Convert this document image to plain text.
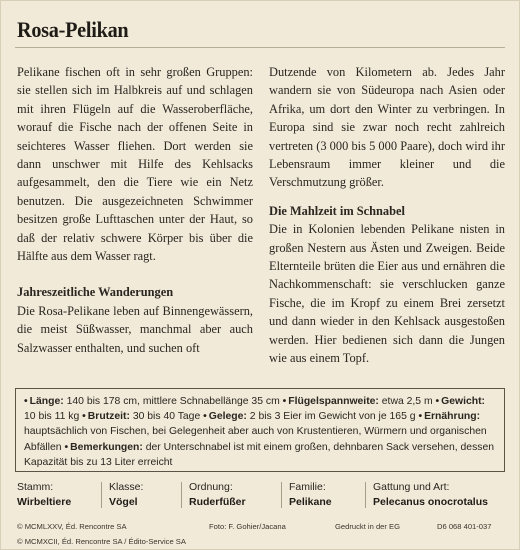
Rosa-Pelikan

Pelikane fischen oft in sehr großen Gruppen: sie stellen sich im Halbkreis auf und schlagen mit ihren Flügeln auf die Wasseroberfläche, worauf die Fische nach der offenen Seite in seichteres Wasser fliehen. Dort werden sie dann unschwer mit Hilfe des Kehlsacks aufgesammelt, den die Tiere wie ein Netz benutzen. Die ausgezeichneten Schwimmer besitzen große Lufttaschen unter der Haut, so daß der relativ schwere Körper bis über die Hälfte aus dem Wasser ragt.

Jahreszeitliche Wanderungen

Die Rosa-Pelikane leben auf Binnengewässern, die meist Süßwasser, manchmal aber auch Salzwasser enthalten, und suchen oft

Dutzende von Kilometern ab. Jedes Jahr wandern sie von Südeuropa nach Asien oder Afrika, um dort den Winter zu verbringen. In Europa sind sie zwar noch recht zahlreich vertreten (3 000 bis 5 000 Paare), doch wird ihr Lebensraum immer kleiner und die Verschmutzung größer.

Die Mahlzeit im Schnabel

Die in Kolonien lebenden Pelikane nisten in großen Nestern aus Ästen und Zweigen. Beide Elternteile brüten die Eier aus und ernähren die Nachkommenschaft: sie verschlucken ganze Fische, die im Kropf zu einem Brei zersetzt und dann wieder in den Kehlsack ausgestoßen werden. Hier bedienen sich dann die Jungen wie aus einem Topf.

• Länge: 140 bis 178 cm, mittlere Schnabellänge 35 cm • Flügelspannweite: etwa 2,5 m • Gewicht: 10 bis 11 kg • Brutzeit: 30 bis 40 Tage • Gelege: 2 bis 3 Eier im Gewicht von je 165 g • Ernährung: hauptsächlich von Fischen, bei Gelegenheit aber auch von Krustentieren, Würmern und organischen Abfällen • Bemerkungen: der Unterschnabel ist mit einem großen, dehnbaren Sack versehen, dessen Kapazität bis zu 13 Liter erreicht
Stamm:
Wirbeltiere
Klasse:
Vögel
Ordnung:
Ruderfüßer
Familie:
Pelikane
Gattung und Art:
Pelecanus onocrotalus
© MCMLXXV, Éd. Rencontre SA
© MCMXCII, Éd. Rencontre SA / Édito-Service SA
Foto: F. Gohier/Jacana	Gedruckt in der EG	D6 068 401-037
